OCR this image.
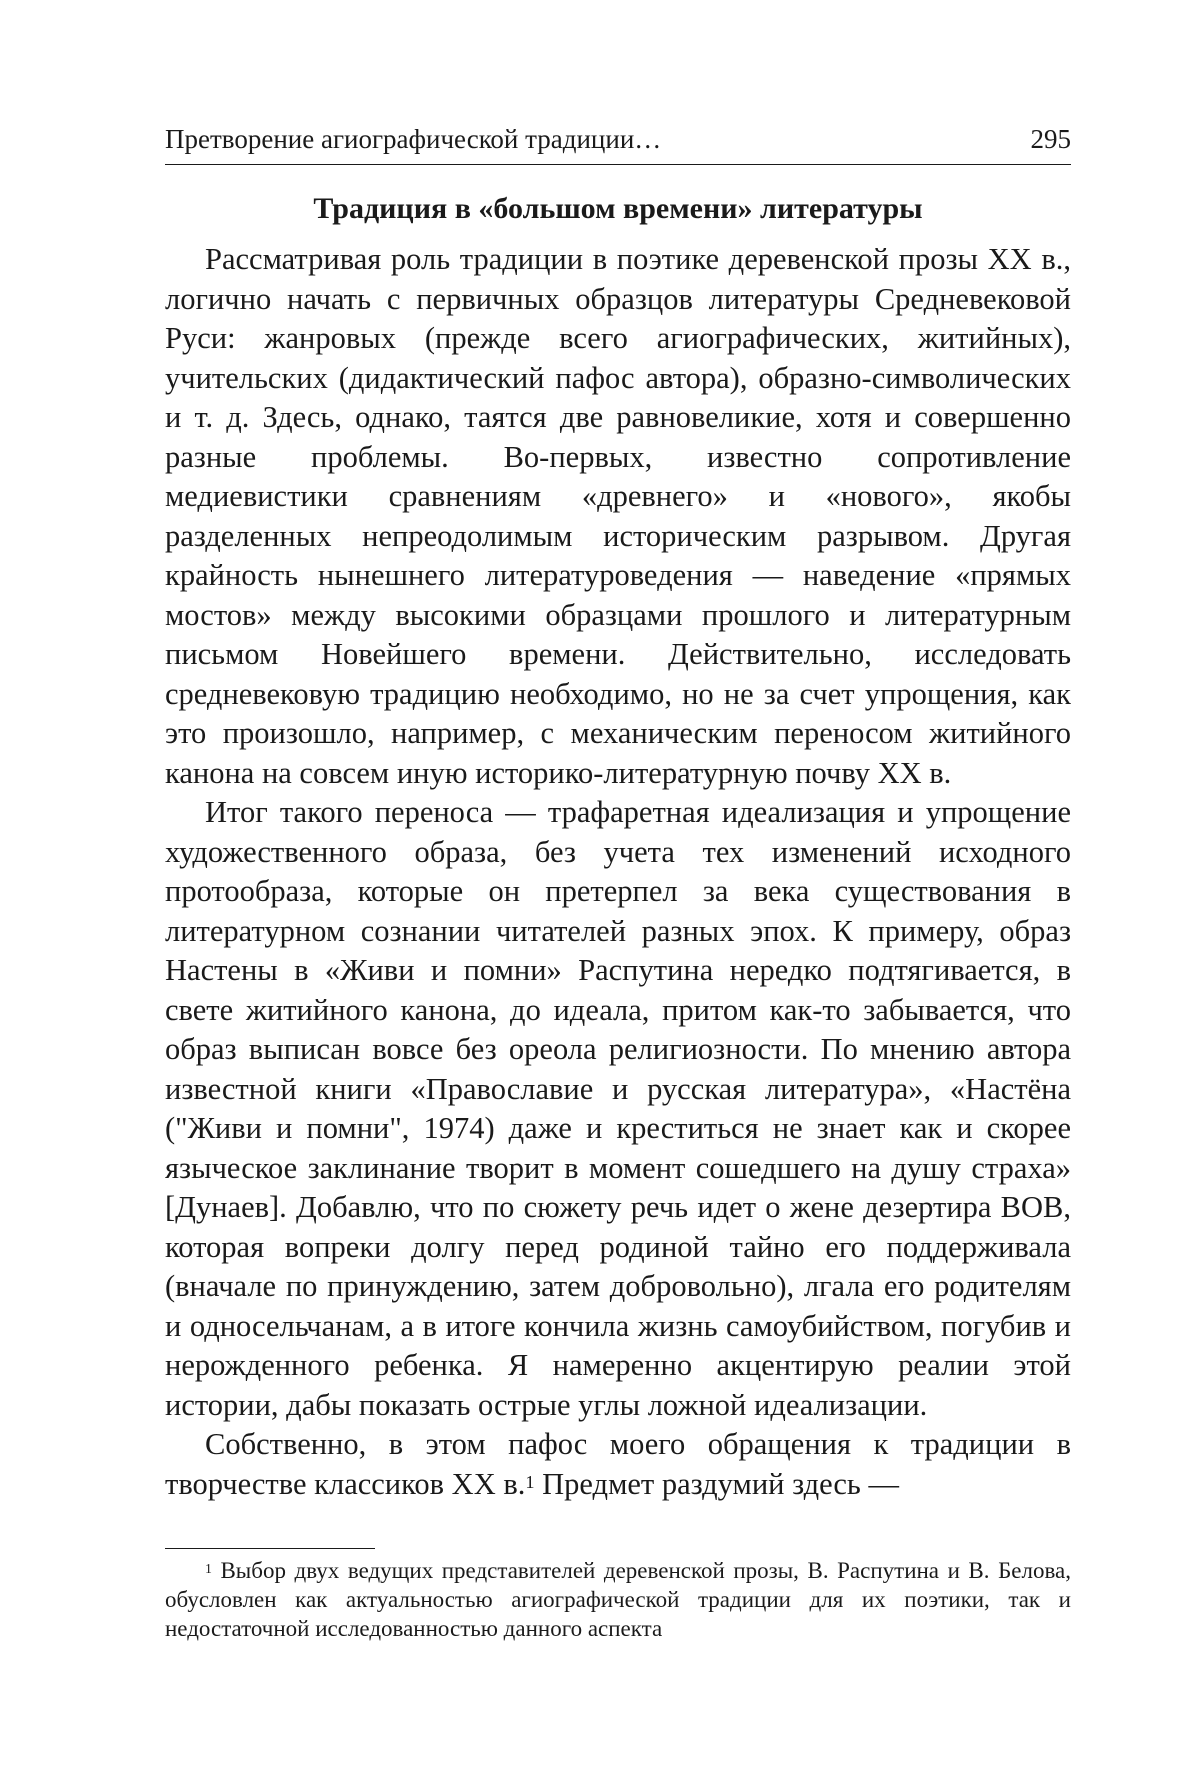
Претворение агиографической традиции…	295
Традиция в «большом времени» литературы

Рассматривая роль традиции в поэтике деревенской прозы XX в., логично начать с первичных образцов литературы Средневековой Руси: жанровых (прежде всего агиографических, житийных), учительских (дидактический пафос автора), образно-символических и т. д. Здесь, однако, таятся две равновеликие, хотя и совершенно разные проблемы. Во-первых, известно сопротивление медиевистики сравнениям «древнего» и «нового», якобы разделенных непреодолимым историческим разрывом. Другая крайность нынешнего литературоведения — наведение «прямых мостов» между высокими образцами прошлого и литературным письмом Новейшего времени. Действительно, исследовать средневековую традицию необходимо, но не за счет упрощения, как это произошло, например, с механическим переносом житийного канона на совсем иную историко-литературную почву XX в.

Итог такого переноса — трафаретная идеализация и упрощение художественного образа, без учета тех изменений исходного протообраза, которые он претерпел за века существования в литературном сознании читателей разных эпох. К примеру, образ Настены в «Живи и помни» Распутина нередко подтягивается, в свете житийного канона, до идеала, притом как-то забывается, что образ выписан вовсе без ореола религиозности. По мнению автора известной книги «Православие и русская литература», «Настёна ("Живи и помни", 1974) даже и креститься не знает как и скорее языческое заклинание творит в момент сошедшего на душу страха» [Дунаев]. Добавлю, что по сюжету речь идет о жене дезертира ВОВ, которая вопреки долгу перед родиной тайно его поддерживала (вначале по принуждению, затем добровольно), лгала его родителям и односельчанам, а в итоге кончила жизнь самоубийством, погубив и нерожденного ребенка. Я намеренно акцентирую реалии этой истории, дабы показать острые углы ложной идеализации.

Собственно, в этом пафос моего обращения к традиции в творчестве классиков XX в.$^1$ Предмет раздумий здесь —

$^1$ Выбор двух ведущих представителей деревенской прозы, В. Распутина и В. Белова, обусловлен как актуальностью агиографической традиции для их поэтики, так и недостаточной исследованностью данного аспекта
